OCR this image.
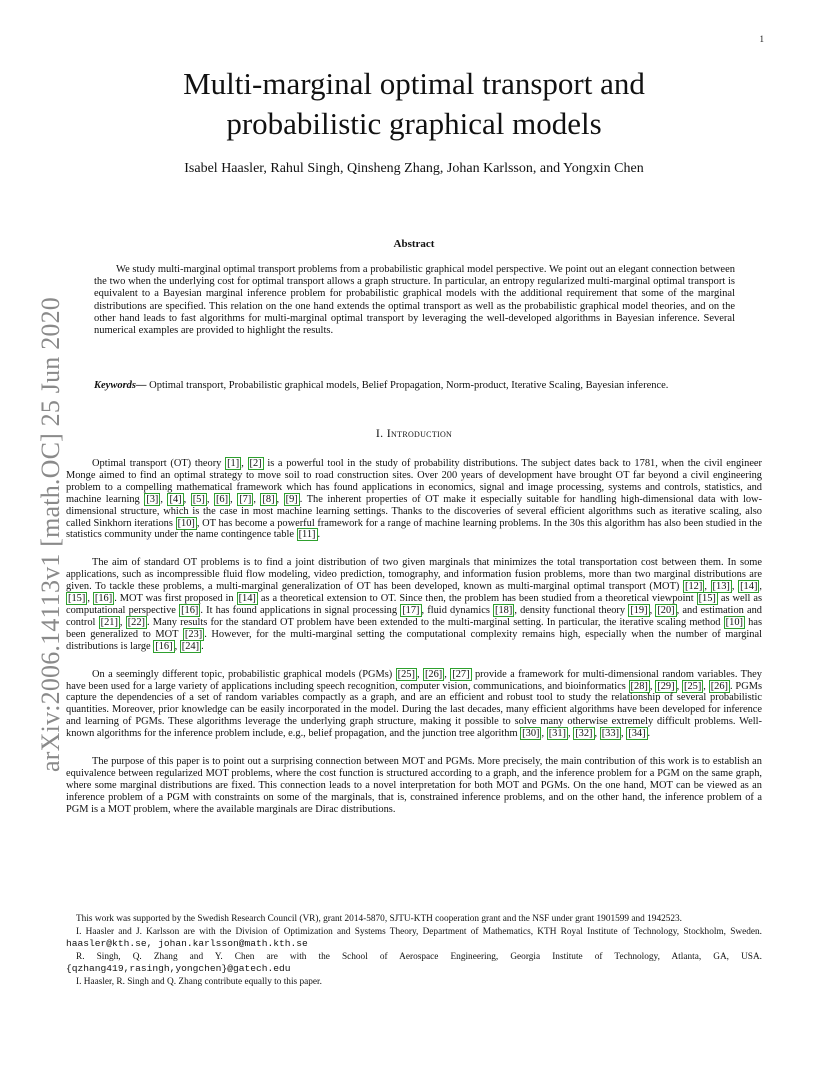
1
arXiv:2006.14113v1 [math.OC] 25 Jun 2020
Multi-marginal optimal transport and
probabilistic graphical models
Isabel Haasler, Rahul Singh, Qinsheng Zhang, Johan Karlsson, and Yongxin Chen
Abstract

We study multi-marginal optimal transport problems from a probabilistic graphical model perspective. We point out an elegant connection between the two when the underlying cost for optimal transport allows a graph structure. In particular, an entropy regularized multi-marginal optimal transport is equivalent to a Bayesian marginal inference problem for probabilistic graphical models with the additional requirement that some of the marginal distributions are specified. This relation on the one hand extends the optimal transport as well as the probabilistic graphical model theories, and on the other hand leads to fast algorithms for multi-marginal optimal transport by leveraging the well-developed algorithms in Bayesian inference. Several numerical examples are provided to highlight the results.

Keywords— Optimal transport, Probabilistic graphical models, Belief Propagation, Norm-product, Iterative Scaling, Bayesian inference.
I. Introduction

Optimal transport (OT) theory [1] , [2] is a powerful tool in the study of probability distributions. The subject dates back to 1781, when the civil engineer Monge aimed to find an optimal strategy to move soil to road construction sites. Over 200 years of development have brought OT far beyond a civil engineering problem to a compelling mathematical framework which has found applications in economics, signal and image processing, systems and controls, statistics, and machine learning [3] , [4] , [5] , [6] , [7] , [8] , [9] . The inherent properties of OT make it especially suitable for handling high-dimensional data with low-dimensional structure, which is the case in most machine learning settings. Thanks to the discoveries of several efficient algorithms such as iterative scaling, also called Sinkhorn iterations [10] , OT has become a powerful framework for a range of machine learning problems. In the 30s this algorithm has also been studied in the statistics community under the name contingence table [11] .

The aim of standard OT problems is to find a joint distribution of two given marginals that minimizes the total transportation cost between them. In some applications, such as incompressible fluid flow modeling, video prediction, tomography, and information fusion problems, more than two marginal distributions are given. To tackle these problems, a multi-marginal generalization of OT has been developed, known as multi-marginal optimal transport (MOT) [12] , [13] , [14] , [15] , [16] . MOT was first proposed in [14] as a theoretical extension to OT. Since then, the problem has been studied from a theoretical viewpoint [15] as well as computational perspective [16] . It has found applications in signal processing [17] , fluid dynamics [18] , density functional theory [19] , [20] , and estimation and control [21] , [22] . Many results for the standard OT problem have been extended to the multi-marginal setting. In particular, the iterative scaling method [10] has been generalized to MOT [23] . However, for the multi-marginal setting the computational complexity remains high, especially when the number of marginal distributions is large [16] , [24] .

On a seemingly different topic, probabilistic graphical models (PGMs) [25] , [26] , [27] provide a framework for multi-dimensional random variables. They have been used for a large variety of applications including speech recognition, computer vision, communications, and bioinformatics [28] , [29] , [25] , [26] . PGMs capture the dependencies of a set of random variables compactly as a graph, and are an efficient and robust tool to study the relationship of several probabilistic quantities. Moreover, prior knowledge can be easily incorporated in the model. During the last decades, many efficient algorithms have been developed for inference and learning of PGMs. These algorithms leverage the underlying graph structure, making it possible to solve many otherwise extremely difficult problems. Well-known algorithms for the inference problem include, e.g., belief propagation, and the junction tree algorithm [30] , [31] , [32] , [33] , [34] .

The purpose of this paper is to point out a surprising connection between MOT and PGMs. More precisely, the main contribution of this work is to establish an equivalence between regularized MOT problems, where the cost function is structured according to a graph, and the inference problem for a PGM on the same graph, where some marginal distributions are fixed. This connection leads to a novel interpretation for both MOT and PGMs. On the one hand, MOT can be viewed as an inference problem of a PGM with constraints on some of the marginals, that is, constrained inference problems, and on the other hand, the inference problem of a PGM is a MOT problem, where the available marginals are Dirac distributions.

This work was supported by the Swedish Research Council (VR), grant 2014-5870, SJTU-KTH cooperation grant and the NSF under grant 1901599 and 1942523.

I. Haasler and J. Karlsson are with the Division of Optimization and Systems Theory, Department of Mathematics, KTH Royal Institute of Technology, Stockholm, Sweden. haasler@kth.se, johan.karlsson@math.kth.se

R. Singh, Q. Zhang and Y. Chen are with the School of Aerospace Engineering, Georgia Institute of Technology, Atlanta, GA, USA. {qzhang419,rasingh,yongchen}@gatech.edu

I. Haasler, R. Singh and Q. Zhang contribute equally to this paper.
